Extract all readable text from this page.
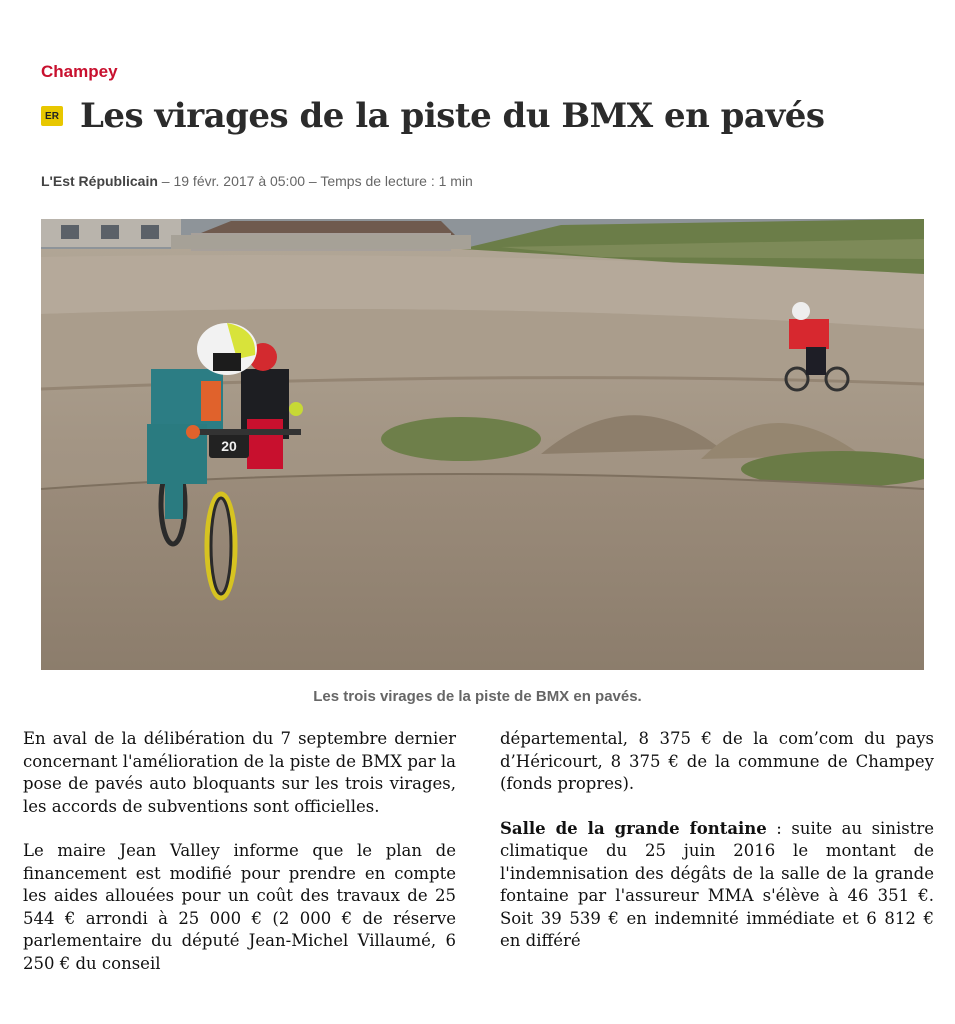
Champey
ER Les virages de la piste du BMX en pavés
L'Est Républicain – 19 févr. 2017 à 05:00 – Temps de lecture : 1 min
20
Les trois virages de la piste de BMX en pavés.

En aval de la délibération du 7 septembre dernier concernant l'amélioration de la piste de BMX par la pose de pavés auto bloquants sur les trois virages, les accords de subventions sont officielles.

Le maire Jean Valley informe que le plan de financement est modifié pour prendre en compte les aides allouées pour un coût des travaux de 25 544 € arrondi à 25 000 € (2 000 € de réserve parlementaire du député Jean-Michel Villaumé, 6 250 € du conseil

départemental, 8 375 € de la com’com du pays d’Héricourt, 8 375 € de la commune de Champey (fonds propres).

Salle de la grande fontaine : suite au sinistre climatique du 25 juin 2016 le montant de l'indemnisation des dégâts de la salle de la grande fontaine par l'assureur MMA s'élève à 46 351 €. Soit 39 539 € en indemnité immédiate et 6 812 € en différé
